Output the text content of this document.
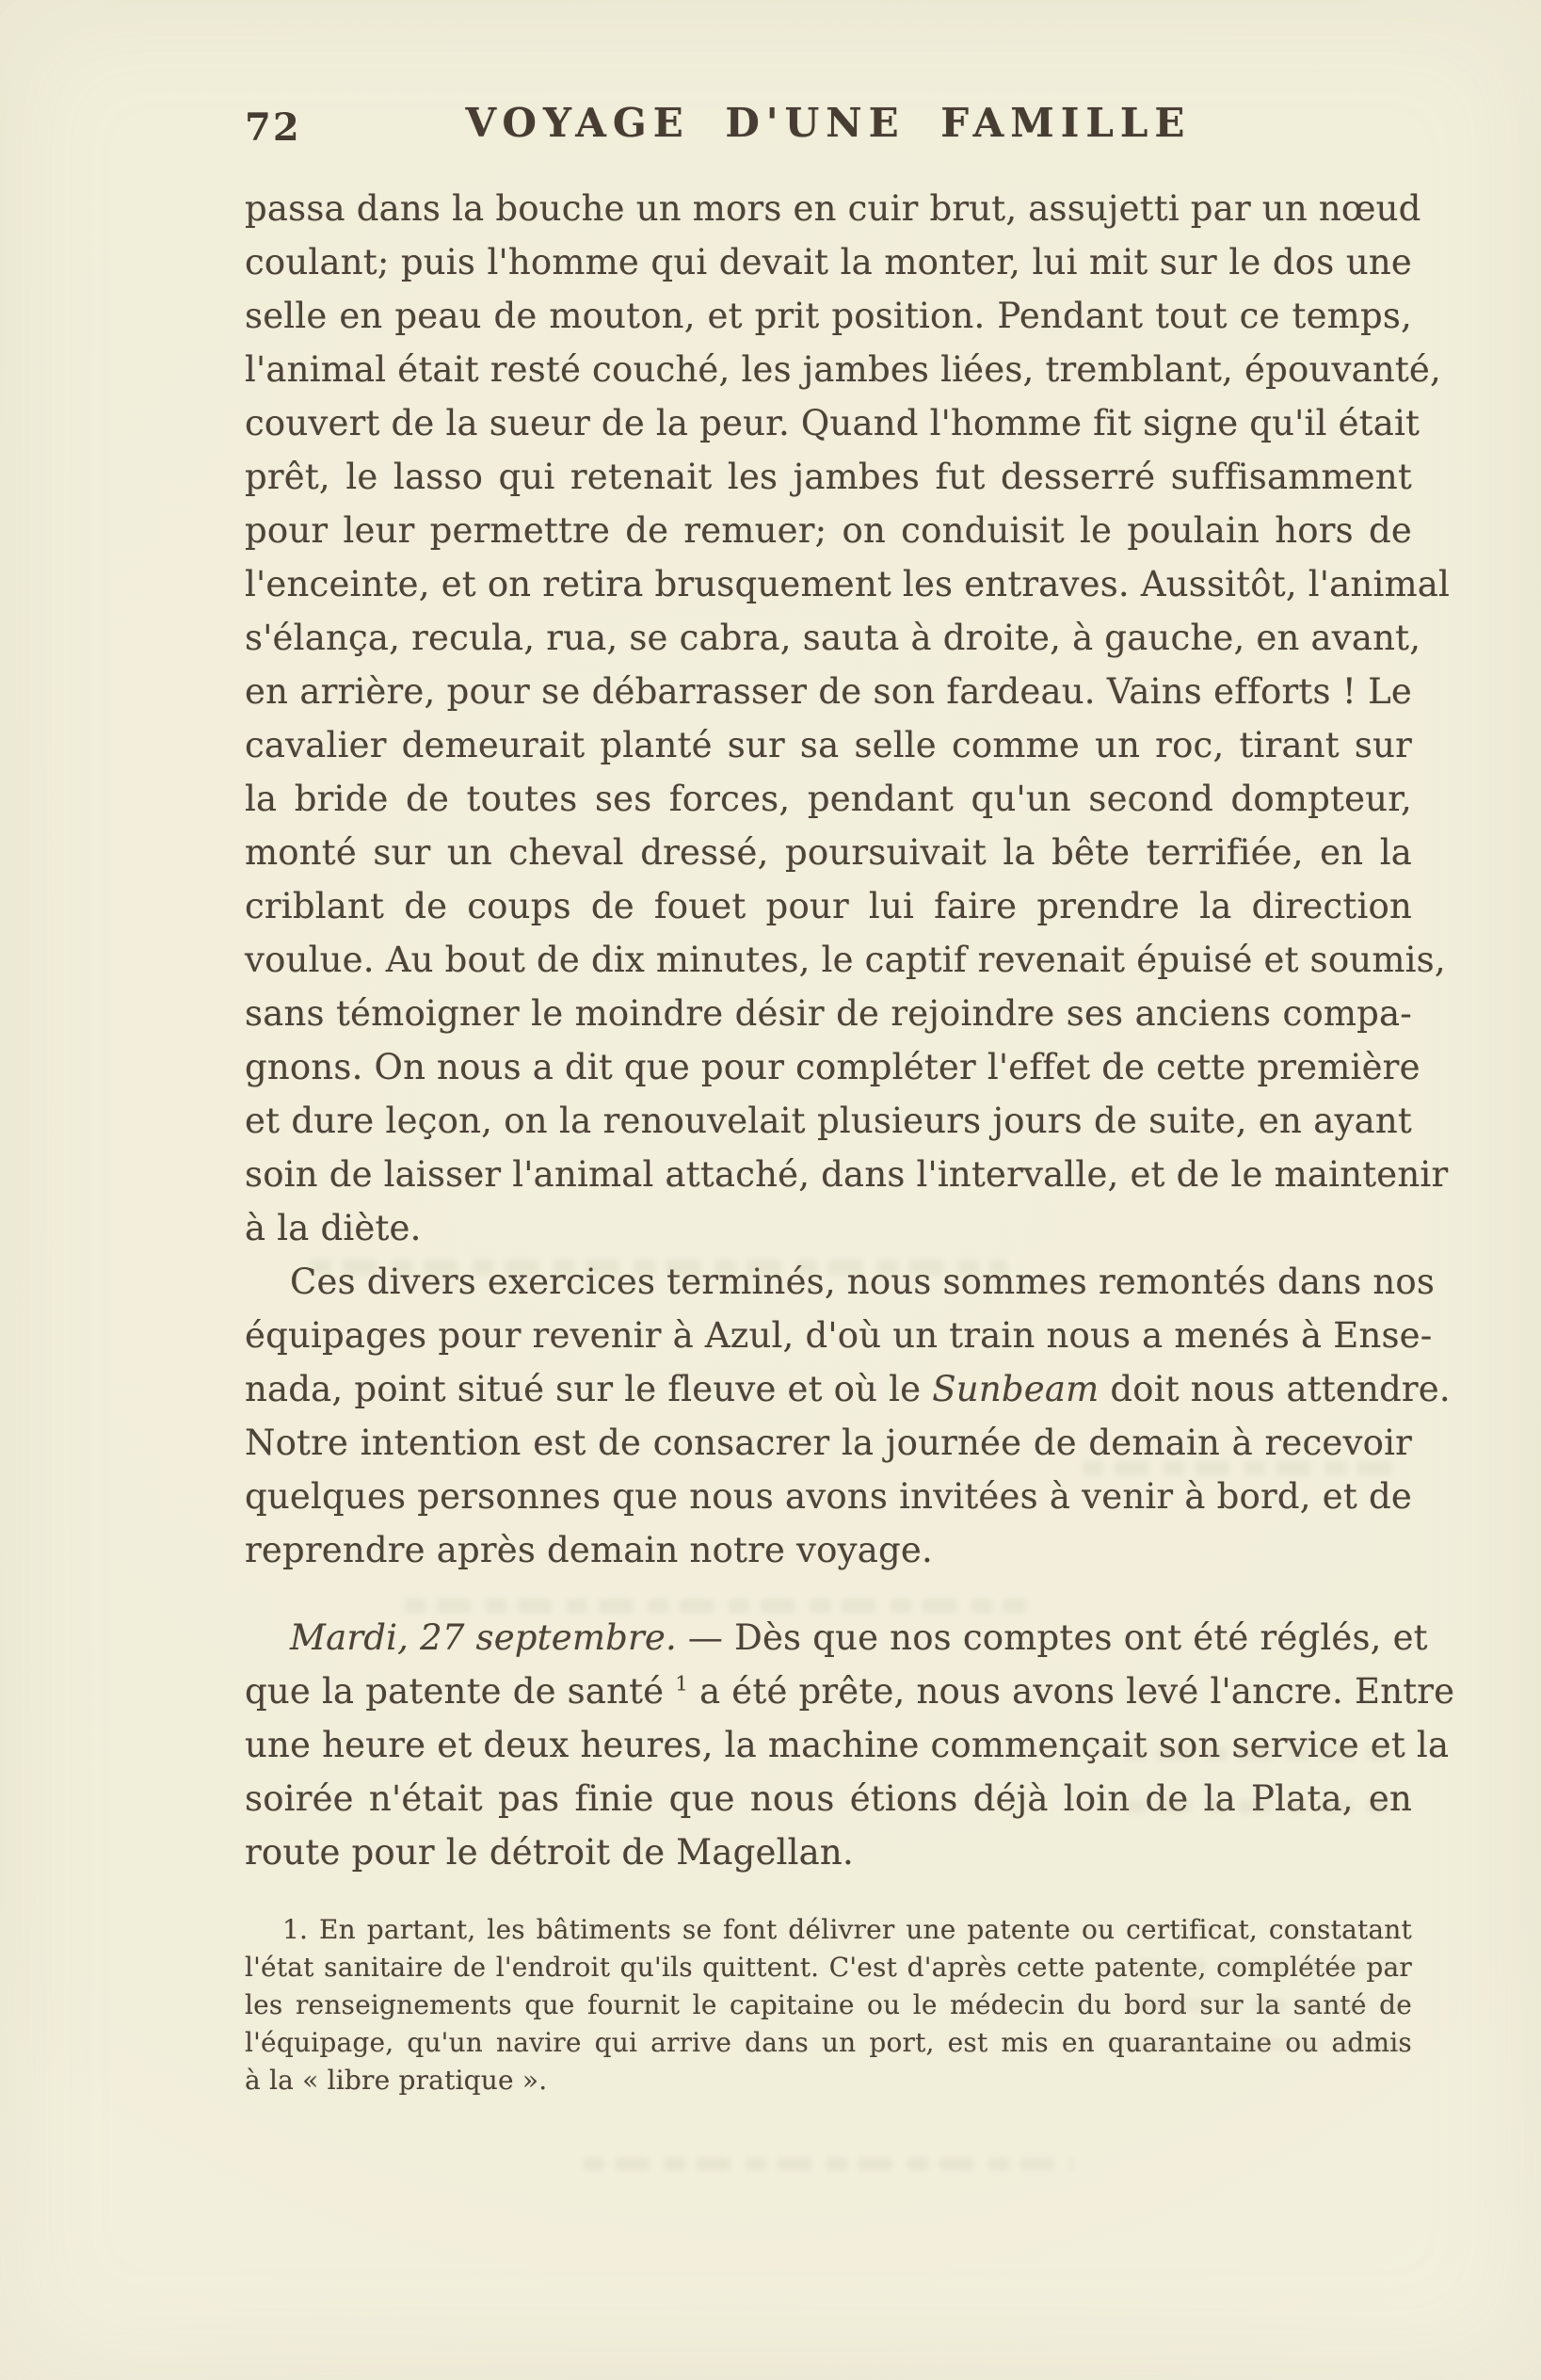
72	VOYAGE D'UNE FAMILLE
passa dans la bouche un mors en cuir brut, assujetti par un nœud
coulant; puis l'homme qui devait la monter, lui mit sur le dos une
selle en peau de mouton, et prit position. Pendant tout ce temps,
l'animal était resté couché, les jambes liées, tremblant, épouvanté,
couvert de la sueur de la peur. Quand l'homme fit signe qu'il était
prêt, le lasso qui retenait les jambes fut desserré suffisamment
pour leur permettre de remuer; on conduisit le poulain hors de
l'enceinte, et on retira brusquement les entraves. Aussitôt, l'animal
s'élança, recula, rua, se cabra, sauta à droite, à gauche, en avant,
en arrière, pour se débarrasser de son fardeau. Vains efforts ! Le
cavalier demeurait planté sur sa selle comme un roc, tirant sur
la bride de toutes ses forces, pendant qu'un second dompteur,
monté sur un cheval dressé, poursuivait la bête terrifiée, en la
criblant de coups de fouet pour lui faire prendre la direction
voulue. Au bout de dix minutes, le captif revenait épuisé et soumis,
sans témoigner le moindre désir de rejoindre ses anciens compa-
gnons. On nous a dit que pour compléter l'effet de cette première
et dure leçon, on la renouvelait plusieurs jours de suite, en ayant
soin de laisser l'animal attaché, dans l'intervalle, et de le maintenir
à la diète.
Ces divers exercices terminés, nous sommes remontés dans nos
équipages pour revenir à Azul, d'où un train nous a menés à Ense-
nada, point situé sur le fleuve et où le Sunbeam doit nous attendre.
Notre intention est de consacrer la journée de demain à recevoir
quelques personnes que nous avons invitées à venir à bord, et de
reprendre après demain notre voyage.
Mardi, 27 septembre. — Dès que nos comptes ont été réglés, et
que la patente de santé $^1$ a été prête, nous avons levé l'ancre. Entre
une heure et deux heures, la machine commençait son service et la
soirée n'était pas finie que nous étions déjà loin de la Plata, en
route pour le détroit de Magellan.
1. En partant, les bâtiments se font délivrer une patente ou certificat, constatant
l'état sanitaire de l'endroit qu'ils quittent. C'est d'après cette patente, complétée par
les renseignements que fournit le capitaine ou le médecin du bord sur la santé de
l'équipage, qu'un navire qui arrive dans un port, est mis en quarantaine ou admis
à la « libre pratique ».
